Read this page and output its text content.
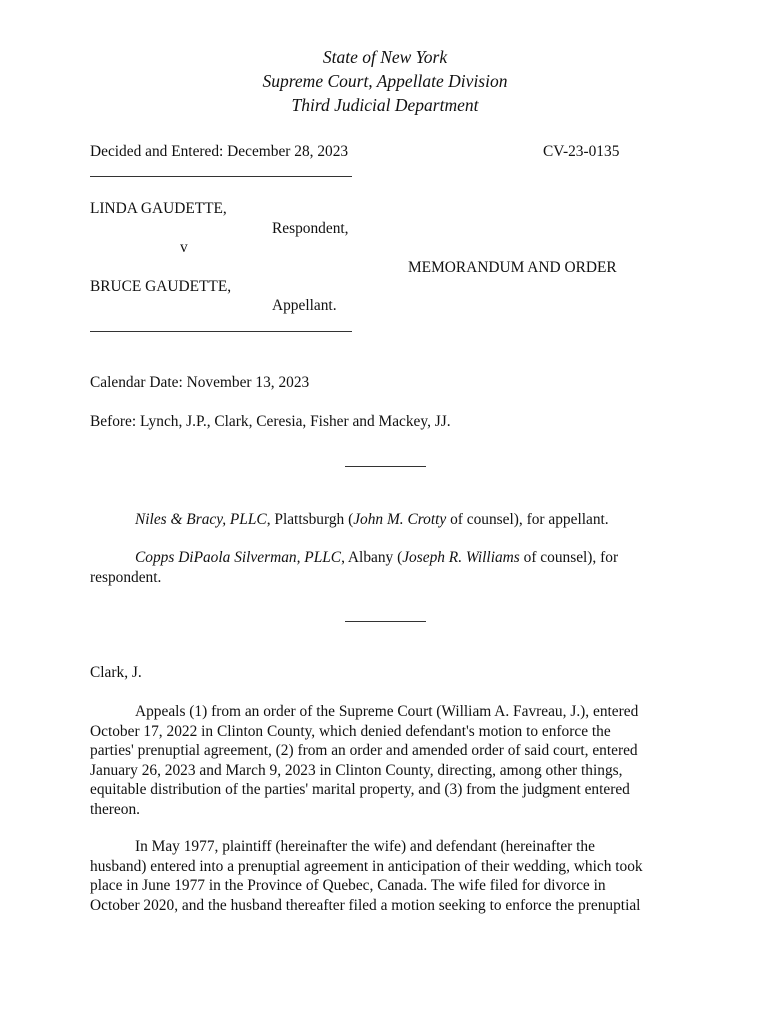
State of New York
Supreme Court, Appellate Division
Third Judicial Department
Decided and Entered: December 28, 2023	CV-23-0135
LINDA GAUDETTE,
Respondent,
v
MEMORANDUM AND ORDER
BRUCE GAUDETTE,
Appellant.
Calendar Date: November 13, 2023
Before: Lynch, J.P., Clark, Ceresia, Fisher and Mackey, JJ.
Niles & Bracy, PLLC, Plattsburgh (John M. Crotty of counsel), for appellant.
Copps DiPaola Silverman, PLLC, Albany (Joseph R. Williams of counsel), for
respondent.
Clark, J.
Appeals (1) from an order of the Supreme Court (William A. Favreau, J.), entered
October 17, 2022 in Clinton County, which denied defendant's motion to enforce the
parties' prenuptial agreement, (2) from an order and amended order of said court, entered
January 26, 2023 and March 9, 2023 in Clinton County, directing, among other things,
equitable distribution of the parties' marital property, and (3) from the judgment entered
thereon.
In May 1977, plaintiff (hereinafter the wife) and defendant (hereinafter the
husband) entered into a prenuptial agreement in anticipation of their wedding, which took
place in June 1977 in the Province of Quebec, Canada. The wife filed for divorce in
October 2020, and the husband thereafter filed a motion seeking to enforce the prenuptial
